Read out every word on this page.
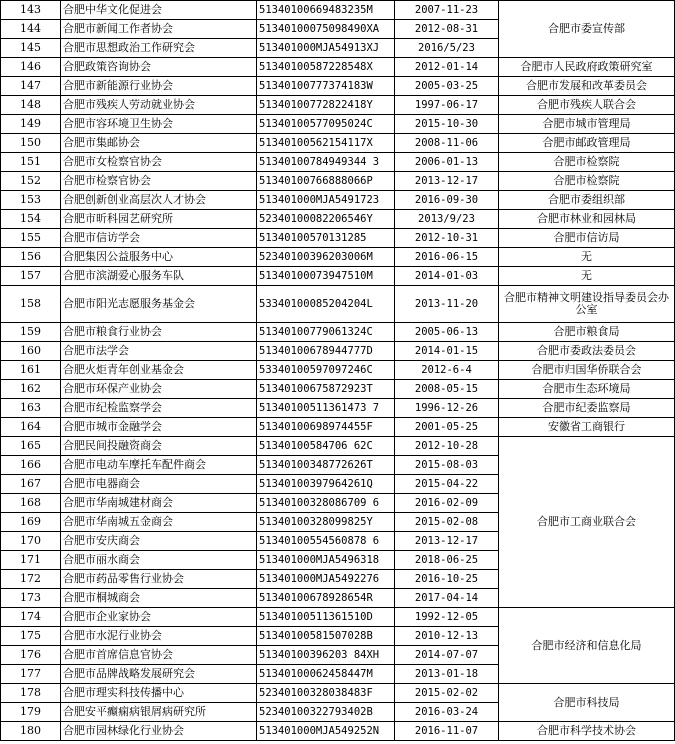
143	合肥中华文化促进会	51340100669483235M	2007-11-23	合肥市委宣传部
144	合肥市新闻工作者协会	51340100075098490XA	2012-08-31	
145	合肥市思想政治工作研究会	513401000MJA54913XJ	2016/5/23	
146	合肥政策咨询协会	51340100587228548X	2012-01-14	合肥市人民政府政策研究室
147	合肥市新能源行业协会	51340100777374183W	2005-03-25	合肥市发展和改革委员会
148	合肥市残疾人劳动就业协会	51340100772822418Y	1997-06-17	合肥市残疾人联合会
149	合肥市容环境卫生协会	51340100577095024C	2015-10-30	合肥市城市管理局
150	合肥市集邮协会	51340100562154117X	2008-11-06	合肥市邮政管理局
151	合肥市女检察官协会	51340100784949344 3	2006-01-13	合肥市检察院
152	合肥市检察官协会	51340100766888066P	2013-12-17	合肥市检察院
153	合肥创新创业高层次人才协会	513401000MJA5491723	2016-09-30	合肥市委组织部
154	合肥市昕科园艺研究所	52340100082206546Y	2013/9/23	合肥市林业和园林局
155	合肥市信访学会	51340100570131285	2012-10-31	合肥市信访局
156	合肥集因公益服务中心	52340100396203006M	2016-06-15	无
157	合肥市滨湖爱心服务车队	51340100073947510M	2014-01-03	无
158	合肥市阳光志愿服务基金会	53340100085204204L	2013-11-20	合肥市精神文明建设指导委员会办公室
159	合肥市粮食行业协会	51340100779061324C	2005-06-13	合肥市粮食局
160	合肥市法学会	51340100678944777D	2014-01-15	合肥市委政法委员会
161	合肥火炬青年创业基金会	53340100597097246C	2012-6-4	合肥市归国华侨联合会
162	合肥市环保产业协会	51340100675872923T	2008-05-15	合肥市生态环境局
163	合肥市纪检监察学会	51340100511361473 7	1996-12-26	合肥市纪委监察局
164	合肥市城市金融学会	51340100698974455F	2001-05-25	安徽省工商银行
165	合肥民间投融资商会	51340100584706 62C	2012-10-28	合肥市工商业联合会
166	合肥市电动车摩托车配件商会	51340100348772626T	2015-08-03	
167	合肥市电器商会	51340100397964261Q	2015-04-22	
168	合肥市华南城建材商会	51340100328086709 6	2016-02-09	
169	合肥市华南城五金商会	51340100328099825Y	2015-02-08	
170	合肥市安庆商会	51340100554560878 6	2013-12-17	
171	合肥市丽水商会	513401000MJA5496318	2018-06-25	
172	合肥市药品零售行业协会	513401000MJA5492276	2016-10-25	
173	合肥市桐城商会	51340100678928654R	2017-04-14	
174	合肥市企业家协会	51340100511361510D	1992-12-05	合肥市经济和信息化局
175	合肥市水泥行业协会	51340100581507028B	2010-12-13	
176	合肥市首席信息官协会	51340100396203 84XH	2014-07-07	
177	合肥市品牌战略发展研究会	51340100062458447M	2013-01-18	
178	合肥市理实科技传播中心	52340100328038483F	2015-02-02	合肥市科技局
179	合肥安平癫痫病银屑病研究所	52340100322793402B	2016-03-24	
180	合肥市园林绿化行业协会	513401000MJA549252N	2016-11-07	合肥市科学技术协会
